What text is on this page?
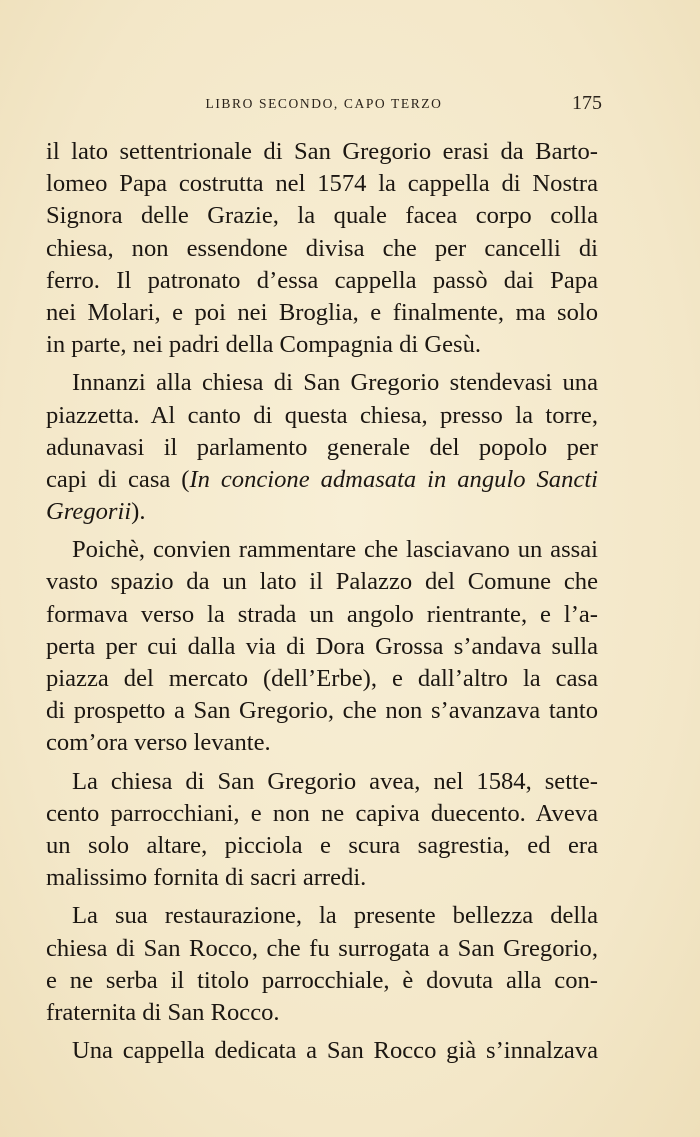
LIBRO SECONDO, CAPO TERZO	175
il lato settentrionale di San Gregorio erasi da Barto-
lomeo Papa costrutta nel 1574 la cappella di Nostra
Signora delle Grazie, la quale facea corpo colla
chiesa, non essendone divisa che per cancelli di
ferro. Il patronato d’essa cappella passò dai Papa
nei Molari, e poi nei Broglia, e finalmente, ma solo
in parte, nei padri della Compagnia di Gesù.
Innanzi alla chiesa di San Gregorio stendevasi una
piazzetta. Al canto di questa chiesa, presso la torre,
adunavasi il parlamento generale del popolo per
capi di casa (In concione admasata in angulo Sancti
Gregorii).
Poichè, convien rammentare che lasciavano un assai
vasto spazio da un lato il Palazzo del Comune che
formava verso la strada un angolo rientrante, e l’a-
perta per cui dalla via di Dora Grossa s’andava sulla
piazza del mercato (dell’Erbe), e dall’altro la casa
di prospetto a San Gregorio, che non s’avanzava tanto
com’ora verso levante.
La chiesa di San Gregorio avea, nel 1584, sette-
cento parrocchiani, e non ne capiva duecento. Aveva
un solo altare, picciola e scura sagrestia, ed era
malissimo fornita di sacri arredi.
La sua restaurazione, la presente bellezza della
chiesa di San Rocco, che fu surrogata a San Gregorio,
e ne serba il titolo parrocchiale, è dovuta alla con-
fraternita di San Rocco.
Una cappella dedicata a San Rocco già s’innalzava
